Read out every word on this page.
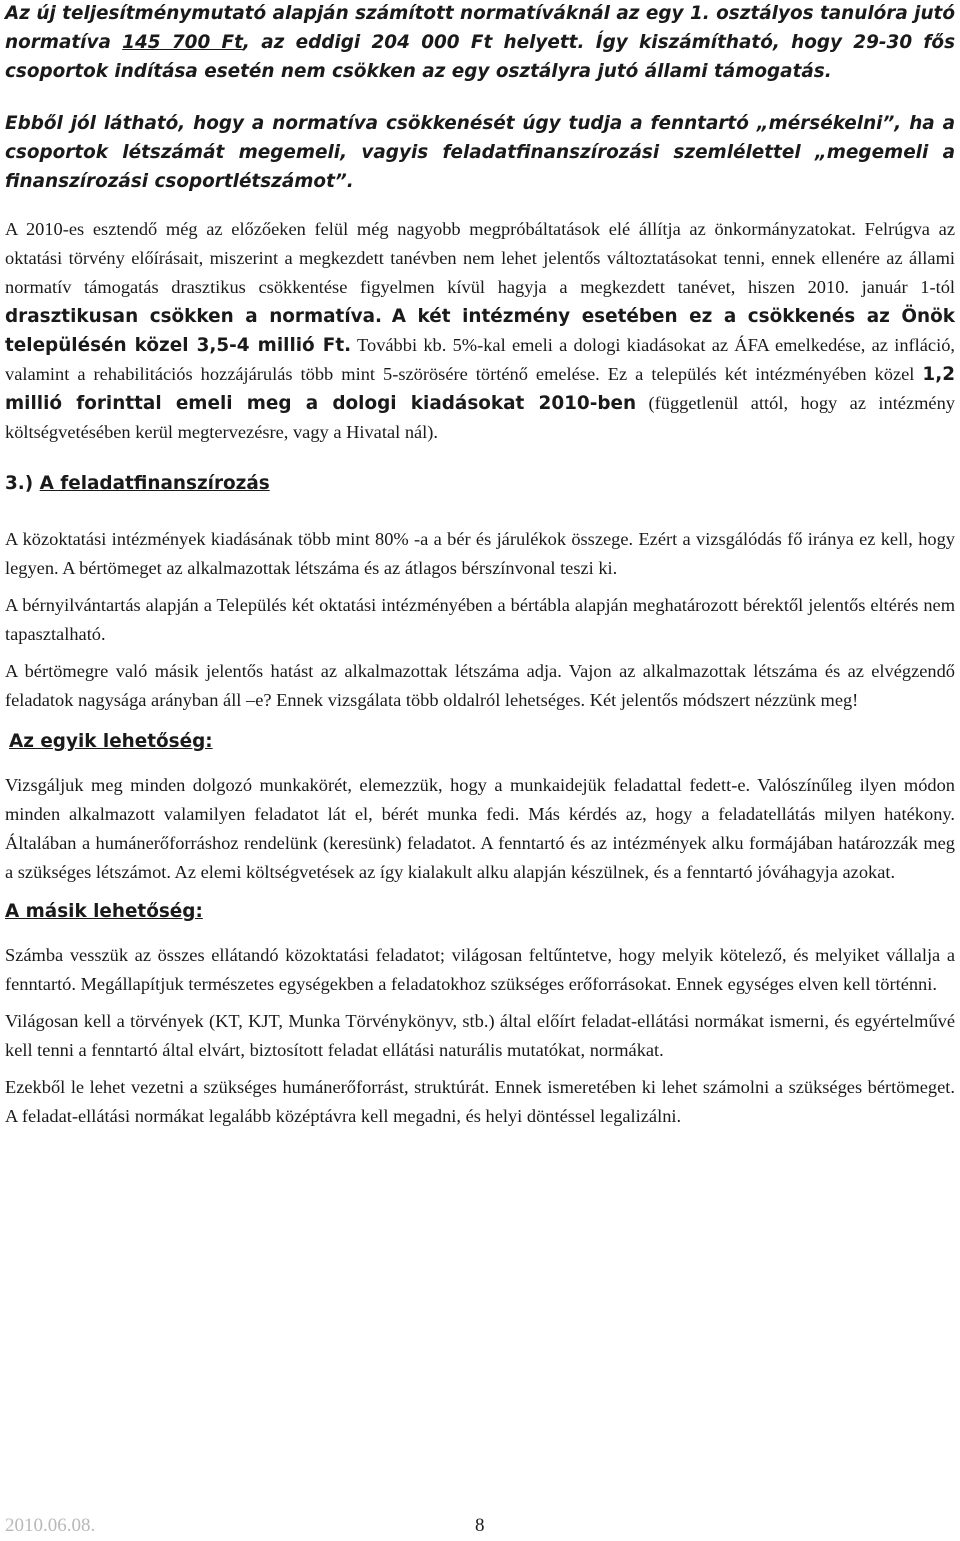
Az új teljesítménymutató alapján számított normatíváknál az egy 1. osztályos tanulóra jutó normatíva 145 700 Ft, az eddigi 204 000 Ft helyett. Így kiszámítható, hogy 29-30 fős csoportok indítása esetén nem csökken az egy osztályra jutó állami támogatás.

Ebből jól látható, hogy a normatíva csökkenését úgy tudja a fenntartó „mérsékelni”, ha a csoportok létszámát megemeli, vagyis feladatfinanszírozási szemlélettel „megemeli a finanszírozási csoportlétszámot”.

A 2010-es esztendő még az előzőeken felül még nagyobb megpróbáltatások elé állítja az önkormányzatokat. Felrúgva az oktatási törvény előírásait, miszerint a megkezdett tanévben nem lehet jelentős változtatásokat tenni, ennek ellenére az állami normatív támogatás drasztikus csökkentése figyelmen kívül hagyja a megkezdett tanévet, hiszen 2010. január 1-tól drasztikusan csökken a normatíva. A két intézmény esetében ez a csökkenés az Önök településén közel 3,5-4 millió Ft. További kb. 5%-kal emeli a dologi kiadásokat az ÁFA emelkedése, az infláció, valamint a rehabilitációs hozzájárulás több mint 5-szörösére történő emelése. Ez a település két intézményében közel 1,2 millió forinttal emeli meg a dologi kiadásokat 2010-ben (függetlenül attól, hogy az intézmény költségvetésében kerül megtervezésre, vagy a Hivatal nál).

3.) A feladatfinanszírozás

A közoktatási intézmények kiadásának több mint 80% -a a bér és járulékok összege. Ezért a vizsgálódás fő iránya ez kell, hogy legyen. A bértömeget az alkalmazottak létszáma és az átlagos bérszínvonal teszi ki.

A bérnyilvántartás alapján a Település két oktatási intézményében a bértábla alapján meghatározott bérektől jelentős eltérés nem tapasztalható.

A bértömegre való másik jelentős hatást az alkalmazottak létszáma adja. Vajon az alkalmazottak létszáma és az elvégzendő feladatok nagysága arányban áll –e? Ennek vizsgálata több oldalról lehetséges. Két jelentős módszert nézzünk meg!

Az egyik lehetőség:

Vizsgáljuk meg minden dolgozó munkakörét, elemezzük, hogy a munkaidejük feladattal fedett-e. Valószínűleg ilyen módon minden alkalmazott valamilyen feladatot lát el, bérét munka fedi. Más kérdés az, hogy a feladatellátás milyen hatékony. Általában a humánerőforráshoz rendelünk (keresünk) feladatot. A fenntartó és az intézmények alku formájában határozzák meg a szükséges létszámot. Az elemi költségvetések az így kialakult alku alapján készülnek, és a fenntartó jóváhagyja azokat.

A másik lehetőség:

Számba vesszük az összes ellátandó közoktatási feladatot; világosan feltűntetve, hogy melyik kötelező, és melyiket vállalja a fenntartó. Megállapítjuk természetes egységekben a feladatokhoz szükséges erőforrásokat. Ennek egységes elven kell történni.

Világosan kell a törvények (KT, KJT, Munka Törvénykönyv, stb.) által előírt feladat-ellátási normákat ismerni, és egyértelművé kell tenni a fenntartó által elvárt, biztosított feladat ellátási naturális mutatókat, normákat.

Ezekből le lehet vezetni a szükséges humánerőforrást, struktúrát. Ennek ismeretében ki lehet számolni a szükséges bértömeget. A feladat-ellátási normákat legalább középtávra kell megadni, és helyi döntéssel legalizálni.

2010.06.08.	8
